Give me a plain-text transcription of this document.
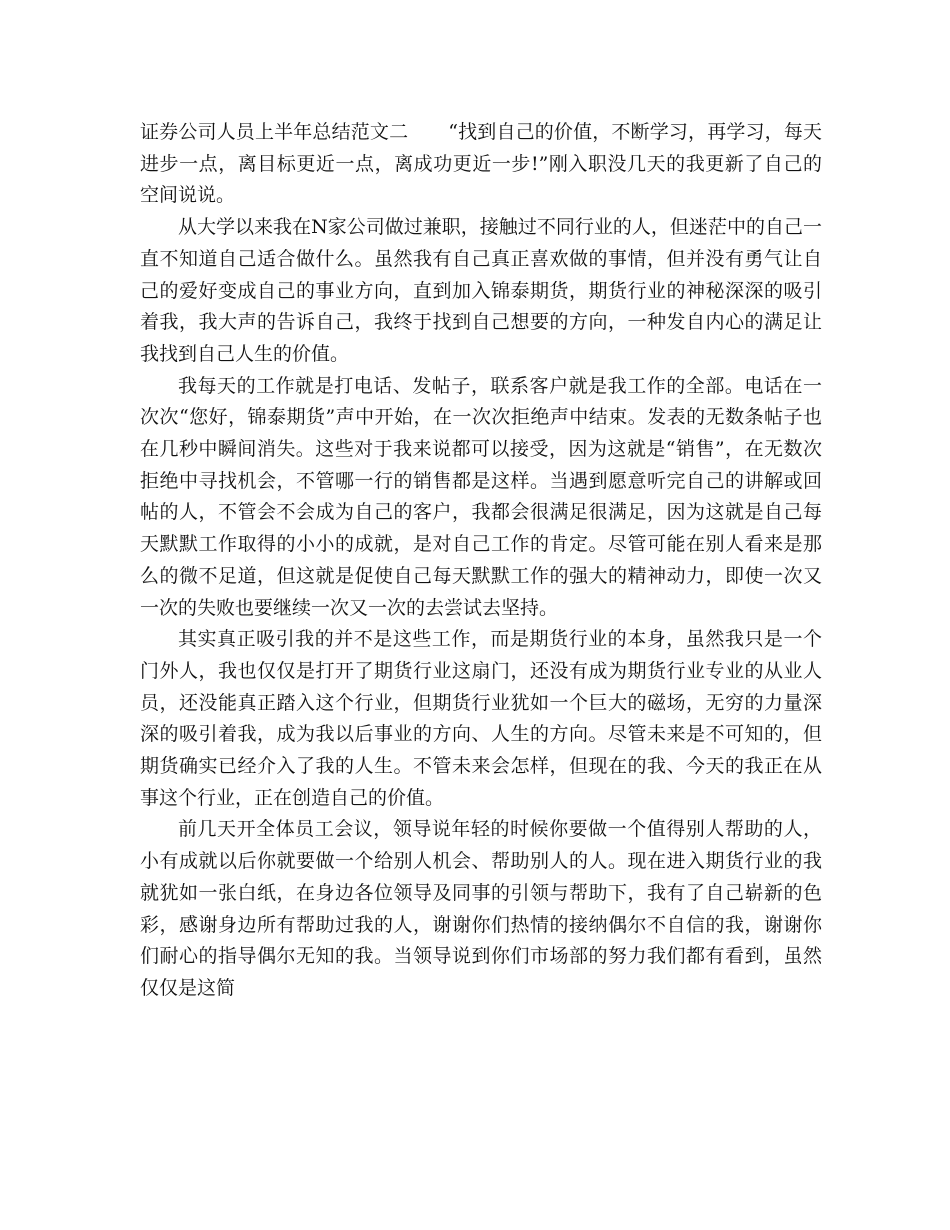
证券公司人员上半年总结范文二 “找到自己的价值，不断学习，再学习，每天进步一点，离目标更近一点，离成功更近一步!”刚入职没几天的我更新了自己的空间说说。

从大学以来我在N家公司做过兼职，接触过不同行业的人，但迷茫中的自己一直不知道自己适合做什么。虽然我有自己真正喜欢做的事情，但并没有勇气让自己的爱好变成自己的事业方向，直到加入锦泰期货，期货行业的神秘深深的吸引着我，我大声的告诉自己，我终于找到自己想要的方向，一种发自内心的满足让我找到自己人生的价值。

我每天的工作就是打电话、发帖子，联系客户就是我工作的全部。电话在一次次“您好，锦泰期货”声中开始，在一次次拒绝声中结束。发表的无数条帖子也在几秒中瞬间消失。这些对于我来说都可以接受，因为这就是“销售”，在无数次拒绝中寻找机会，不管哪一行的销售都是这样。当遇到愿意听完自己的讲解或回帖的人，不管会不会成为自己的客户，我都会很满足很满足，因为这就是自己每天默默工作取得的小小的成就，是对自己工作的肯定。尽管可能在别人看来是那么的微不足道，但这就是促使自己每天默默工作的强大的精神动力，即使一次又一次的失败也要继续一次又一次的去尝试去坚持。

其实真正吸引我的并不是这些工作，而是期货行业的本身，虽然我只是一个门外人，我也仅仅是打开了期货行业这扇门，还没有成为期货行业专业的从业人员，还没能真正踏入这个行业，但期货行业犹如一个巨大的磁场，无穷的力量深深的吸引着我，成为我以后事业的方向、人生的方向。尽管未来是不可知的，但期货确实已经介入了我的人生。不管未来会怎样，但现在的我、今天的我正在从事这个行业，正在创造自己的价值。

前几天开全体员工会议，领导说年轻的时候你要做一个值得别人帮助的人，小有成就以后你就要做一个给别人机会、帮助别人的人。现在进入期货行业的我就犹如一张白纸，在身边各位领导及同事的引领与帮助下，我有了自己崭新的色彩，感谢身边所有帮助过我的人，谢谢你们热情的接纳偶尔不自信的我，谢谢你们耐心的指导偶尔无知的我。当领导说到你们市场部的努力我们都有看到，虽然仅仅是这简
